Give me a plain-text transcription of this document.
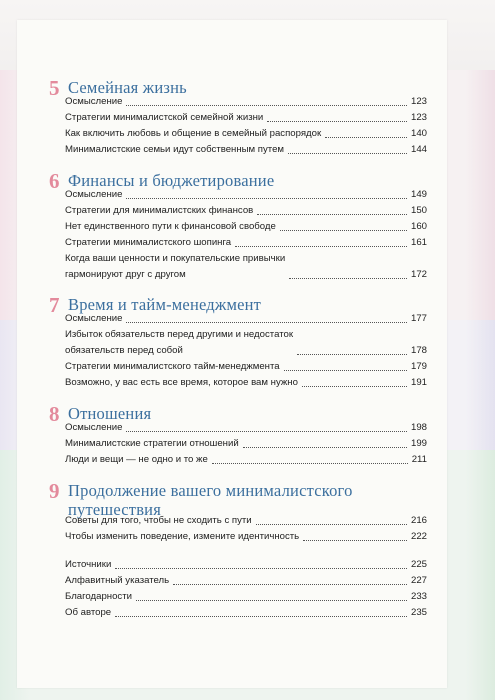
5 Семейная жизнь
Осмысление	123
Стратегии минималистской семейной жизни	123
Как включить любовь и общение в семейный распорядок	140
Минималистские семьи идут собственным путем	144
6 Финансы и бюджетирование
Осмысление	149
Стратегии для минималистских финансов	150
Нет единственного пути к финансовой свободе	160
Стратегии минималистского шопинга	161
Когда ваши ценности и покупательские привычки
гармонируют друг с другом	172
7 Время и тайм-менеджмент
Осмысление	177
Избыток обязательств перед другими и недостаток
обязательств перед собой	178
Стратегии минималистского тайм-менеджмента	179
Возможно, у вас есть все время, которое вам нужно	191
8 Отношения
Осмысление	198
Минималистские стратегии отношений	199
Люди и вещи — не одно и то же	211
9 Продолжение вашего минималистского
путешествия
Советы для того, чтобы не сходить с пути	216
Чтобы изменить поведение, измените идентичность	222
Источники	225
Алфавитный указатель	227
Благодарности	233
Об авторе	235
